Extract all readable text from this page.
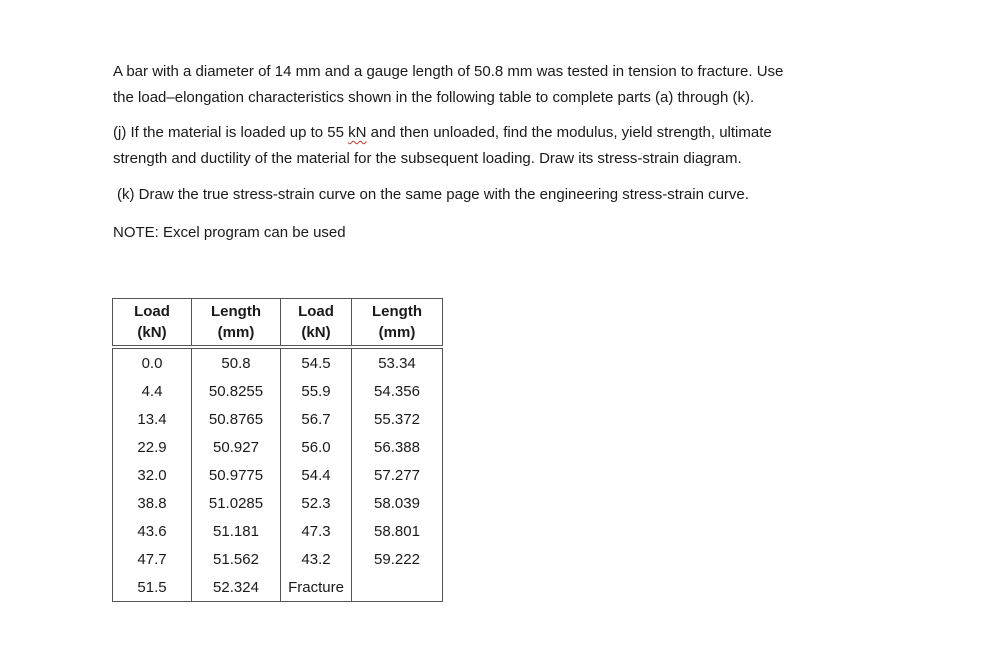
A bar with a diameter of 14 mm and a gauge length of 50.8 mm was tested in tension to fracture. Use
the load–elongation characteristics shown in the following table to complete parts (a) through (k).

(j) If the material is loaded up to 55 kN and then unloaded, find the modulus, yield strength, ultimate
strength and ductility of the material for the subsequent loading. Draw its stress-strain diagram.

(k) Draw the true stress-strain curve on the same page with the engineering stress-strain curve.

NOTE: Excel program can be used

Load
(kN)	Length
(mm)	Load
(kN)	Length
(mm)

0.0	50.8	54.5	53.34
4.4	50.8255	55.9	54.356
13.4	50.8765	56.7	55.372
22.9	50.927	56.0	56.388
32.0	50.9775	54.4	57.277
38.8	51.0285	52.3	58.039
43.6	51.181	47.3	58.801
47.7	51.562	43.2	59.222
51.5	52.324	Fracture	
